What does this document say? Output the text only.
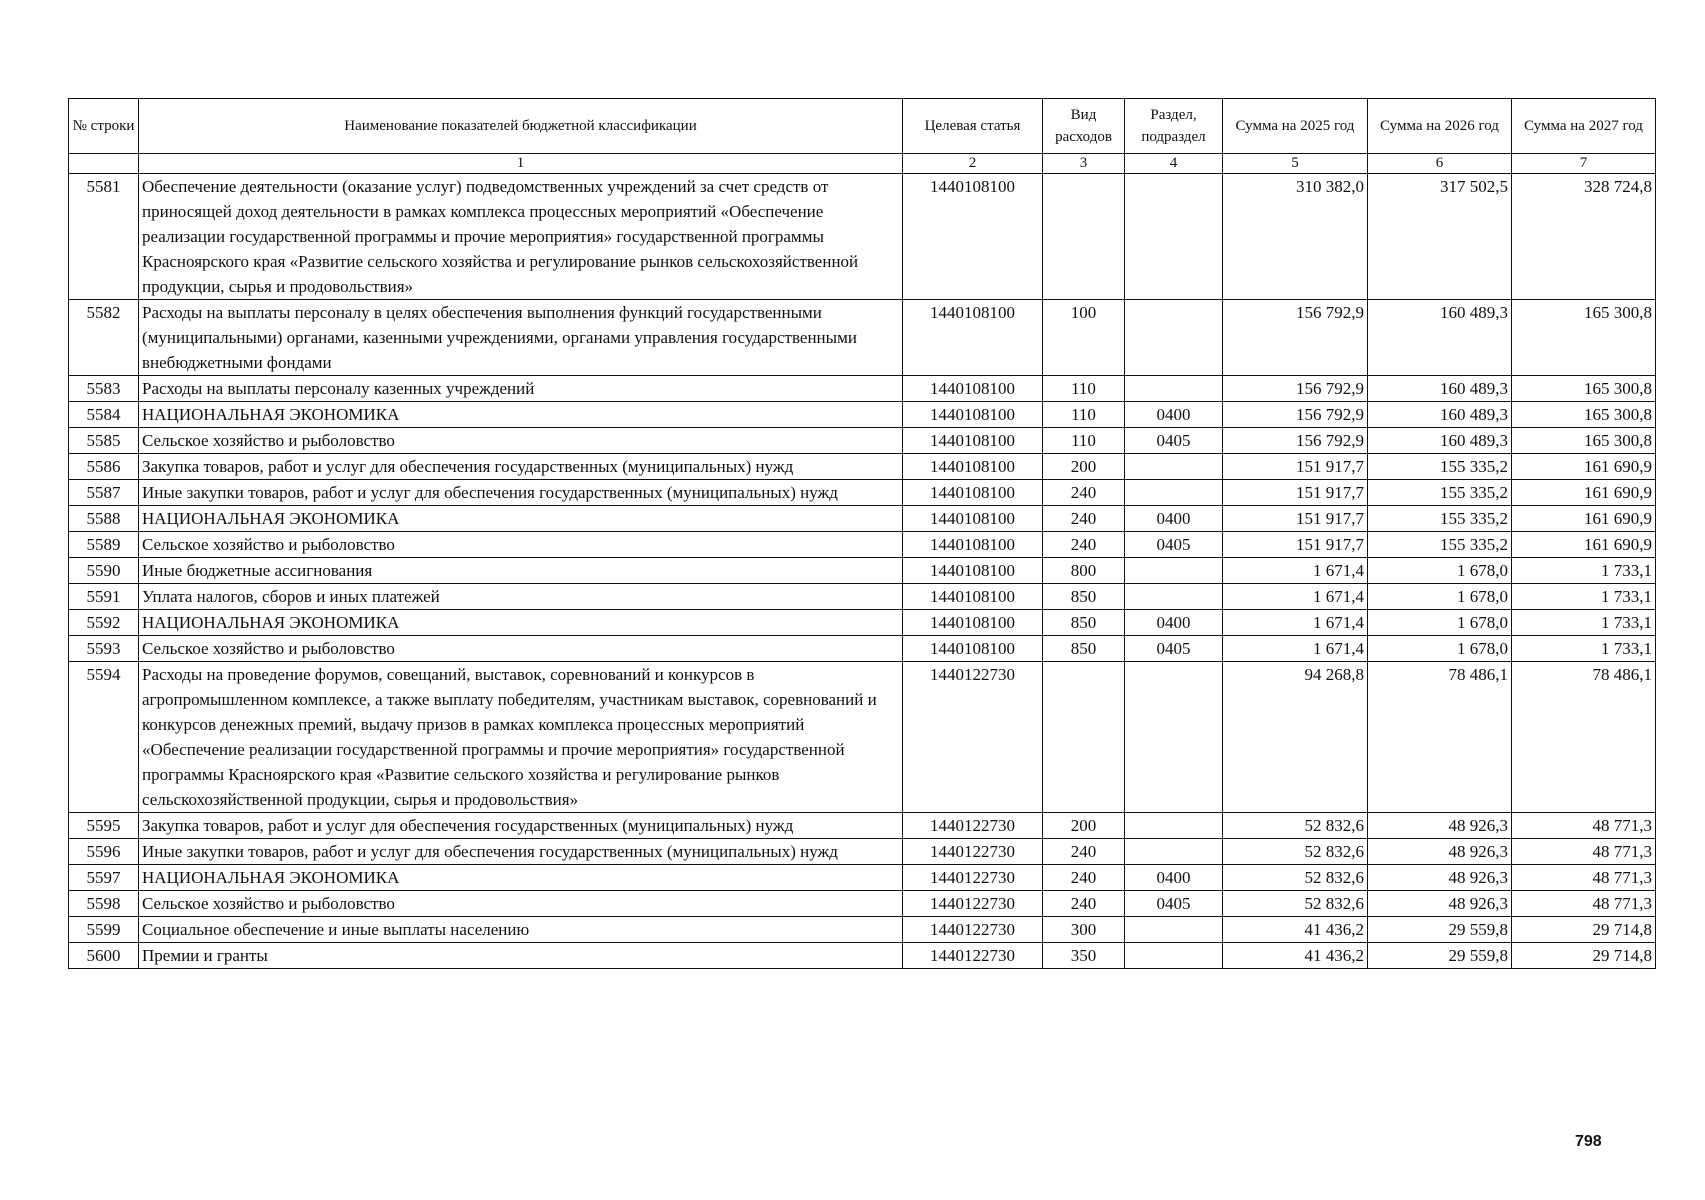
№ строки	Наименование показателей бюджетной классификации	Целевая статья	Вид расходов	Раздел, подраздел	Сумма на 2025 год	Сумма на 2026 год	Сумма на 2027 год
	1	2	3	4	5	6	7
5581	Обеспечение деятельности (оказание услуг) подведомственных учреждений за счет средств от приносящей доход деятельности в рамках комплекса процессных мероприятий «Обеспечение реализации государственной программы и прочие мероприятия» государственной программы Красноярского края «Развитие сельского хозяйства и регулирование рынков сельскохозяйственной продукции, сырья и продовольствия»	1440108100			310 382,0	317 502,5	328 724,8
5582	Расходы на выплаты персоналу в целях обеспечения выполнения функций государственными (муниципальными) органами, казенными учреждениями, органами управления государственными внебюджетными фондами	1440108100	100		156 792,9	160 489,3	165 300,8
5583	Расходы на выплаты персоналу казенных учреждений	1440108100	110		156 792,9	160 489,3	165 300,8
5584	НАЦИОНАЛЬНАЯ ЭКОНОМИКА	1440108100	110	0400	156 792,9	160 489,3	165 300,8
5585	Сельское хозяйство и рыболовство	1440108100	110	0405	156 792,9	160 489,3	165 300,8
5586	Закупка товаров, работ и услуг для обеспечения государственных (муниципальных) нужд	1440108100	200		151 917,7	155 335,2	161 690,9
5587	Иные закупки товаров, работ и услуг для обеспечения государственных (муниципальных) нужд	1440108100	240		151 917,7	155 335,2	161 690,9
5588	НАЦИОНАЛЬНАЯ ЭКОНОМИКА	1440108100	240	0400	151 917,7	155 335,2	161 690,9
5589	Сельское хозяйство и рыболовство	1440108100	240	0405	151 917,7	155 335,2	161 690,9
5590	Иные бюджетные ассигнования	1440108100	800		1 671,4	1 678,0	1 733,1
5591	Уплата налогов, сборов и иных платежей	1440108100	850		1 671,4	1 678,0	1 733,1
5592	НАЦИОНАЛЬНАЯ ЭКОНОМИКА	1440108100	850	0400	1 671,4	1 678,0	1 733,1
5593	Сельское хозяйство и рыболовство	1440108100	850	0405	1 671,4	1 678,0	1 733,1
5594	Расходы на проведение форумов, совещаний, выставок, соревнований и конкурсов в агропромышленном комплексе, а также выплату победителям, участникам выставок, соревнований и конкурсов денежных премий, выдачу призов в рамках комплекса процессных мероприятий «Обеспечение реализации государственной программы и прочие мероприятия» государственной программы Красноярского края «Развитие сельского хозяйства и регулирование рынков сельскохозяйственной продукции, сырья и продовольствия»	1440122730			94 268,8	78 486,1	78 486,1
5595	Закупка товаров, работ и услуг для обеспечения государственных (муниципальных) нужд	1440122730	200		52 832,6	48 926,3	48 771,3
5596	Иные закупки товаров, работ и услуг для обеспечения государственных (муниципальных) нужд	1440122730	240		52 832,6	48 926,3	48 771,3
5597	НАЦИОНАЛЬНАЯ ЭКОНОМИКА	1440122730	240	0400	52 832,6	48 926,3	48 771,3
5598	Сельское хозяйство и рыболовство	1440122730	240	0405	52 832,6	48 926,3	48 771,3
5599	Социальное обеспечение и иные выплаты населению	1440122730	300		41 436,2	29 559,8	29 714,8
5600	Премии и гранты	1440122730	350		41 436,2	29 559,8	29 714,8
798
